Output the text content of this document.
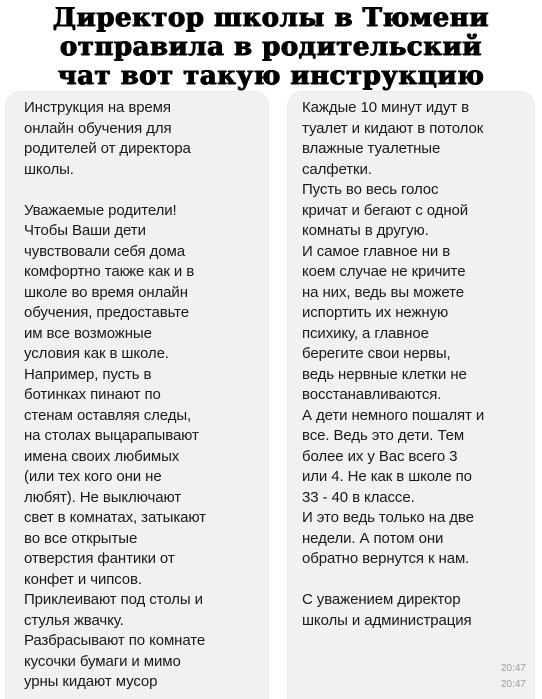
Директор школы в Тюмени
отправила в родительский
чат вот такую инструкцию
Инструкция на время
онлайн обучения для
родителей от директора
школы.

Уважаемые родители!
Чтобы Ваши дети
чувствовали себя дома
комфортно также как и в
школе во время онлайн
обучения, предоставьте
им все возможные
условия как в школе.
Например, пусть в
ботинках пинают по
стенам оставляя следы,
на столах выцарапывают
имена своих любимых
(или тех кого они не
любят). Не выключают
свет в комнатах, затыкают
во все открытые
отверстия фантики от
конфет и чипсов.
Приклеивают под столы и
стулья жвачку.
Разбрасывают по комнате
кусочки бумаги и мимо
урны кидают мусор
Каждые 10 минут идут в
туалет и кидают в потолок
влажные туалетные
салфетки.
Пусть во весь голос
кричат и бегают с одной
комнаты в другую.
И самое главное ни в
коем случае не кричите
на них, ведь вы можете
испортить их нежную
психику, а главное
берегите свои нервы,
ведь нервные клетки не
восстанавливаются.
А дети немного пошалят и
все. Ведь это дети. Тем
более их у Вас всего 3
или 4. Не как в школе по
33 - 40 в классе.
И это ведь только на две
недели. А потом они
обратно вернутся к нам.

С уважением директор
школы и администрация
20:47
20:47
